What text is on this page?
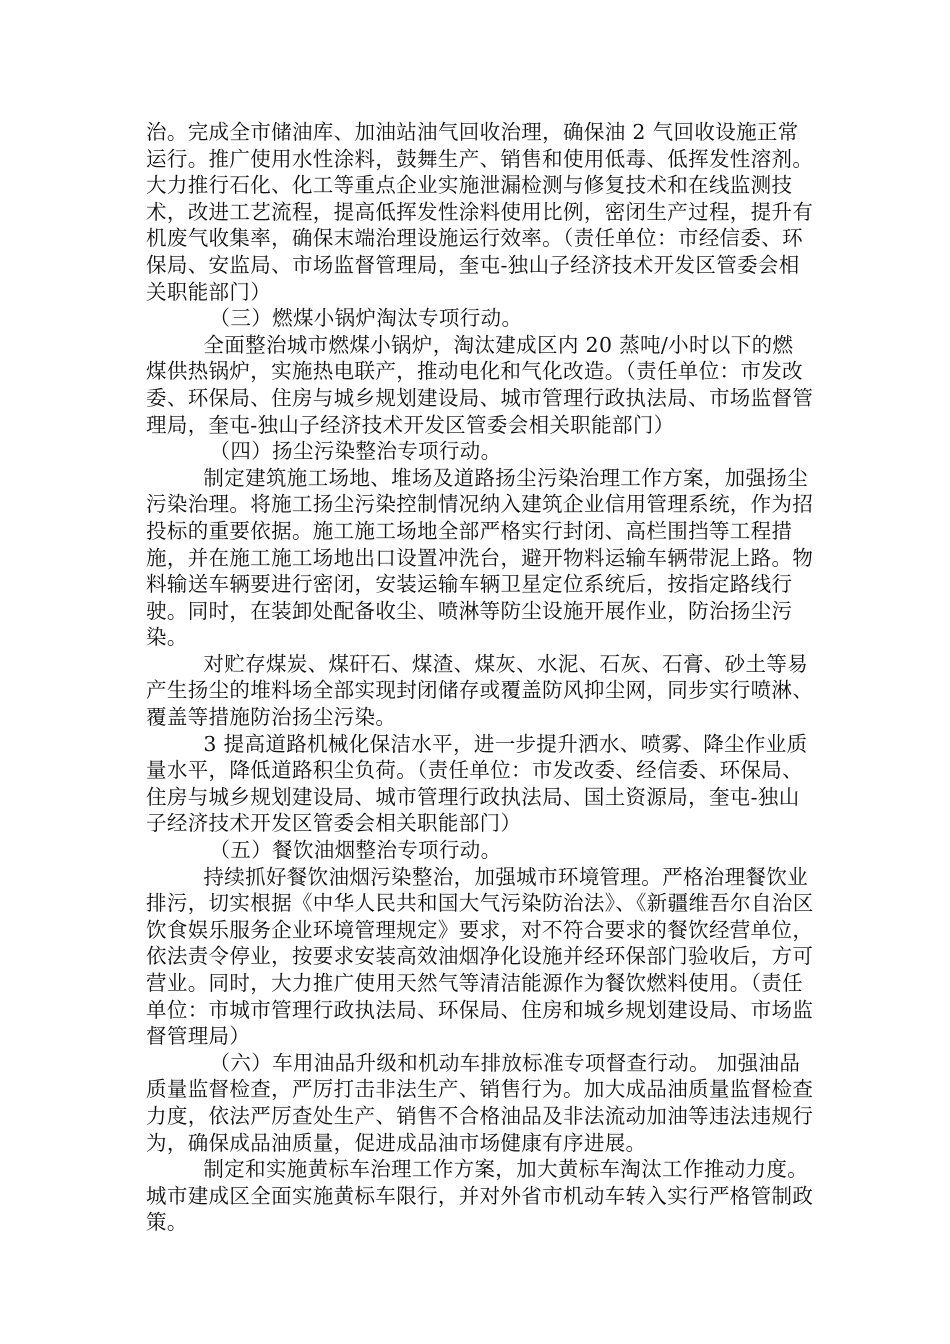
治。完成全市储油库、加油站油气回收治理，确保油 2 气回收设施正常运行。推广使用水性涂料，鼓舞生产、销售和使用低毒、低挥发性溶剂。大力推行石化、化工等重点企业实施泄漏检测与修复技术和在线监测技术，改进工艺流程，提高低挥发性涂料使用比例，密闭生产过程，提升有机废气收集率，确保末端治理设施运行效率。（责任单位：市经信委、环保局、安监局、市场监督管理局，奎屯-独山子经济技术开发区管委会相关职能部门）

（三）燃煤小锅炉淘汰专项行动。

全面整治城市燃煤小锅炉，淘汰建成区内 20 蒸吨/小时以下的燃煤供热锅炉，实施热电联产，推动电化和气化改造。（责任单位：市发改委、环保局、住房与城乡规划建设局、城市管理行政执法局、市场监督管理局，奎屯-独山子经济技术开发区管委会相关职能部门）

（四）扬尘污染整治专项行动。

制定建筑施工场地、堆场及道路扬尘污染治理工作方案，加强扬尘污染治理。将施工扬尘污染控制情况纳入建筑企业信用管理系统，作为招投标的重要依据。施工施工场地全部严格实行封闭、高栏围挡等工程措施，并在施工施工场地出口设置冲洗台，避开物料运输车辆带泥上路。物料输送车辆要进行密闭，安装运输车辆卫星定位系统后，按指定路线行驶。同时，在装卸处配备收尘、喷淋等防尘设施开展作业，防治扬尘污染。

对贮存煤炭、煤矸石、煤渣、煤灰、水泥、石灰、石膏、砂土等易产生扬尘的堆料场全部实现封闭储存或覆盖防风抑尘网，同步实行喷淋、覆盖等措施防治扬尘污染。

3 提高道路机械化保洁水平，进一步提升洒水、喷雾、降尘作业质量水平，降低道路积尘负荷。（责任单位：市发改委、经信委、环保局、住房与城乡规划建设局、城市管理行政执法局、国土资源局，奎屯-独山子经济技术开发区管委会相关职能部门）

（五）餐饮油烟整治专项行动。

持续抓好餐饮油烟污染整治，加强城市环境管理。严格治理餐饮业排污，切实根据《中华人民共和国大气污染防治法》、《新疆维吾尔自治区饮食娱乐服务企业环境管理规定》要求，对不符合要求的餐饮经营单位，依法责令停业，按要求安装高效油烟净化设施并经环保部门验收后，方可营业。同时，大力推广使用天然气等清洁能源作为餐饮燃料使用。（责任单位：市城市管理行政执法局、环保局、住房和城乡规划建设局、市场监督管理局）

（六）车用油品升级和机动车排放标准专项督查行动。 加强油品质量监督检查，严厉打击非法生产、销售行为。加大成品油质量监督检查力度，依法严厉查处生产、销售不合格油品及非法流动加油等违法违规行为，确保成品油质量，促进成品油市场健康有序进展。

制定和实施黄标车治理工作方案，加大黄标车淘汰工作推动力度。城市建成区全面实施黄标车限行，并对外省市机动车转入实行严格管制政策。
